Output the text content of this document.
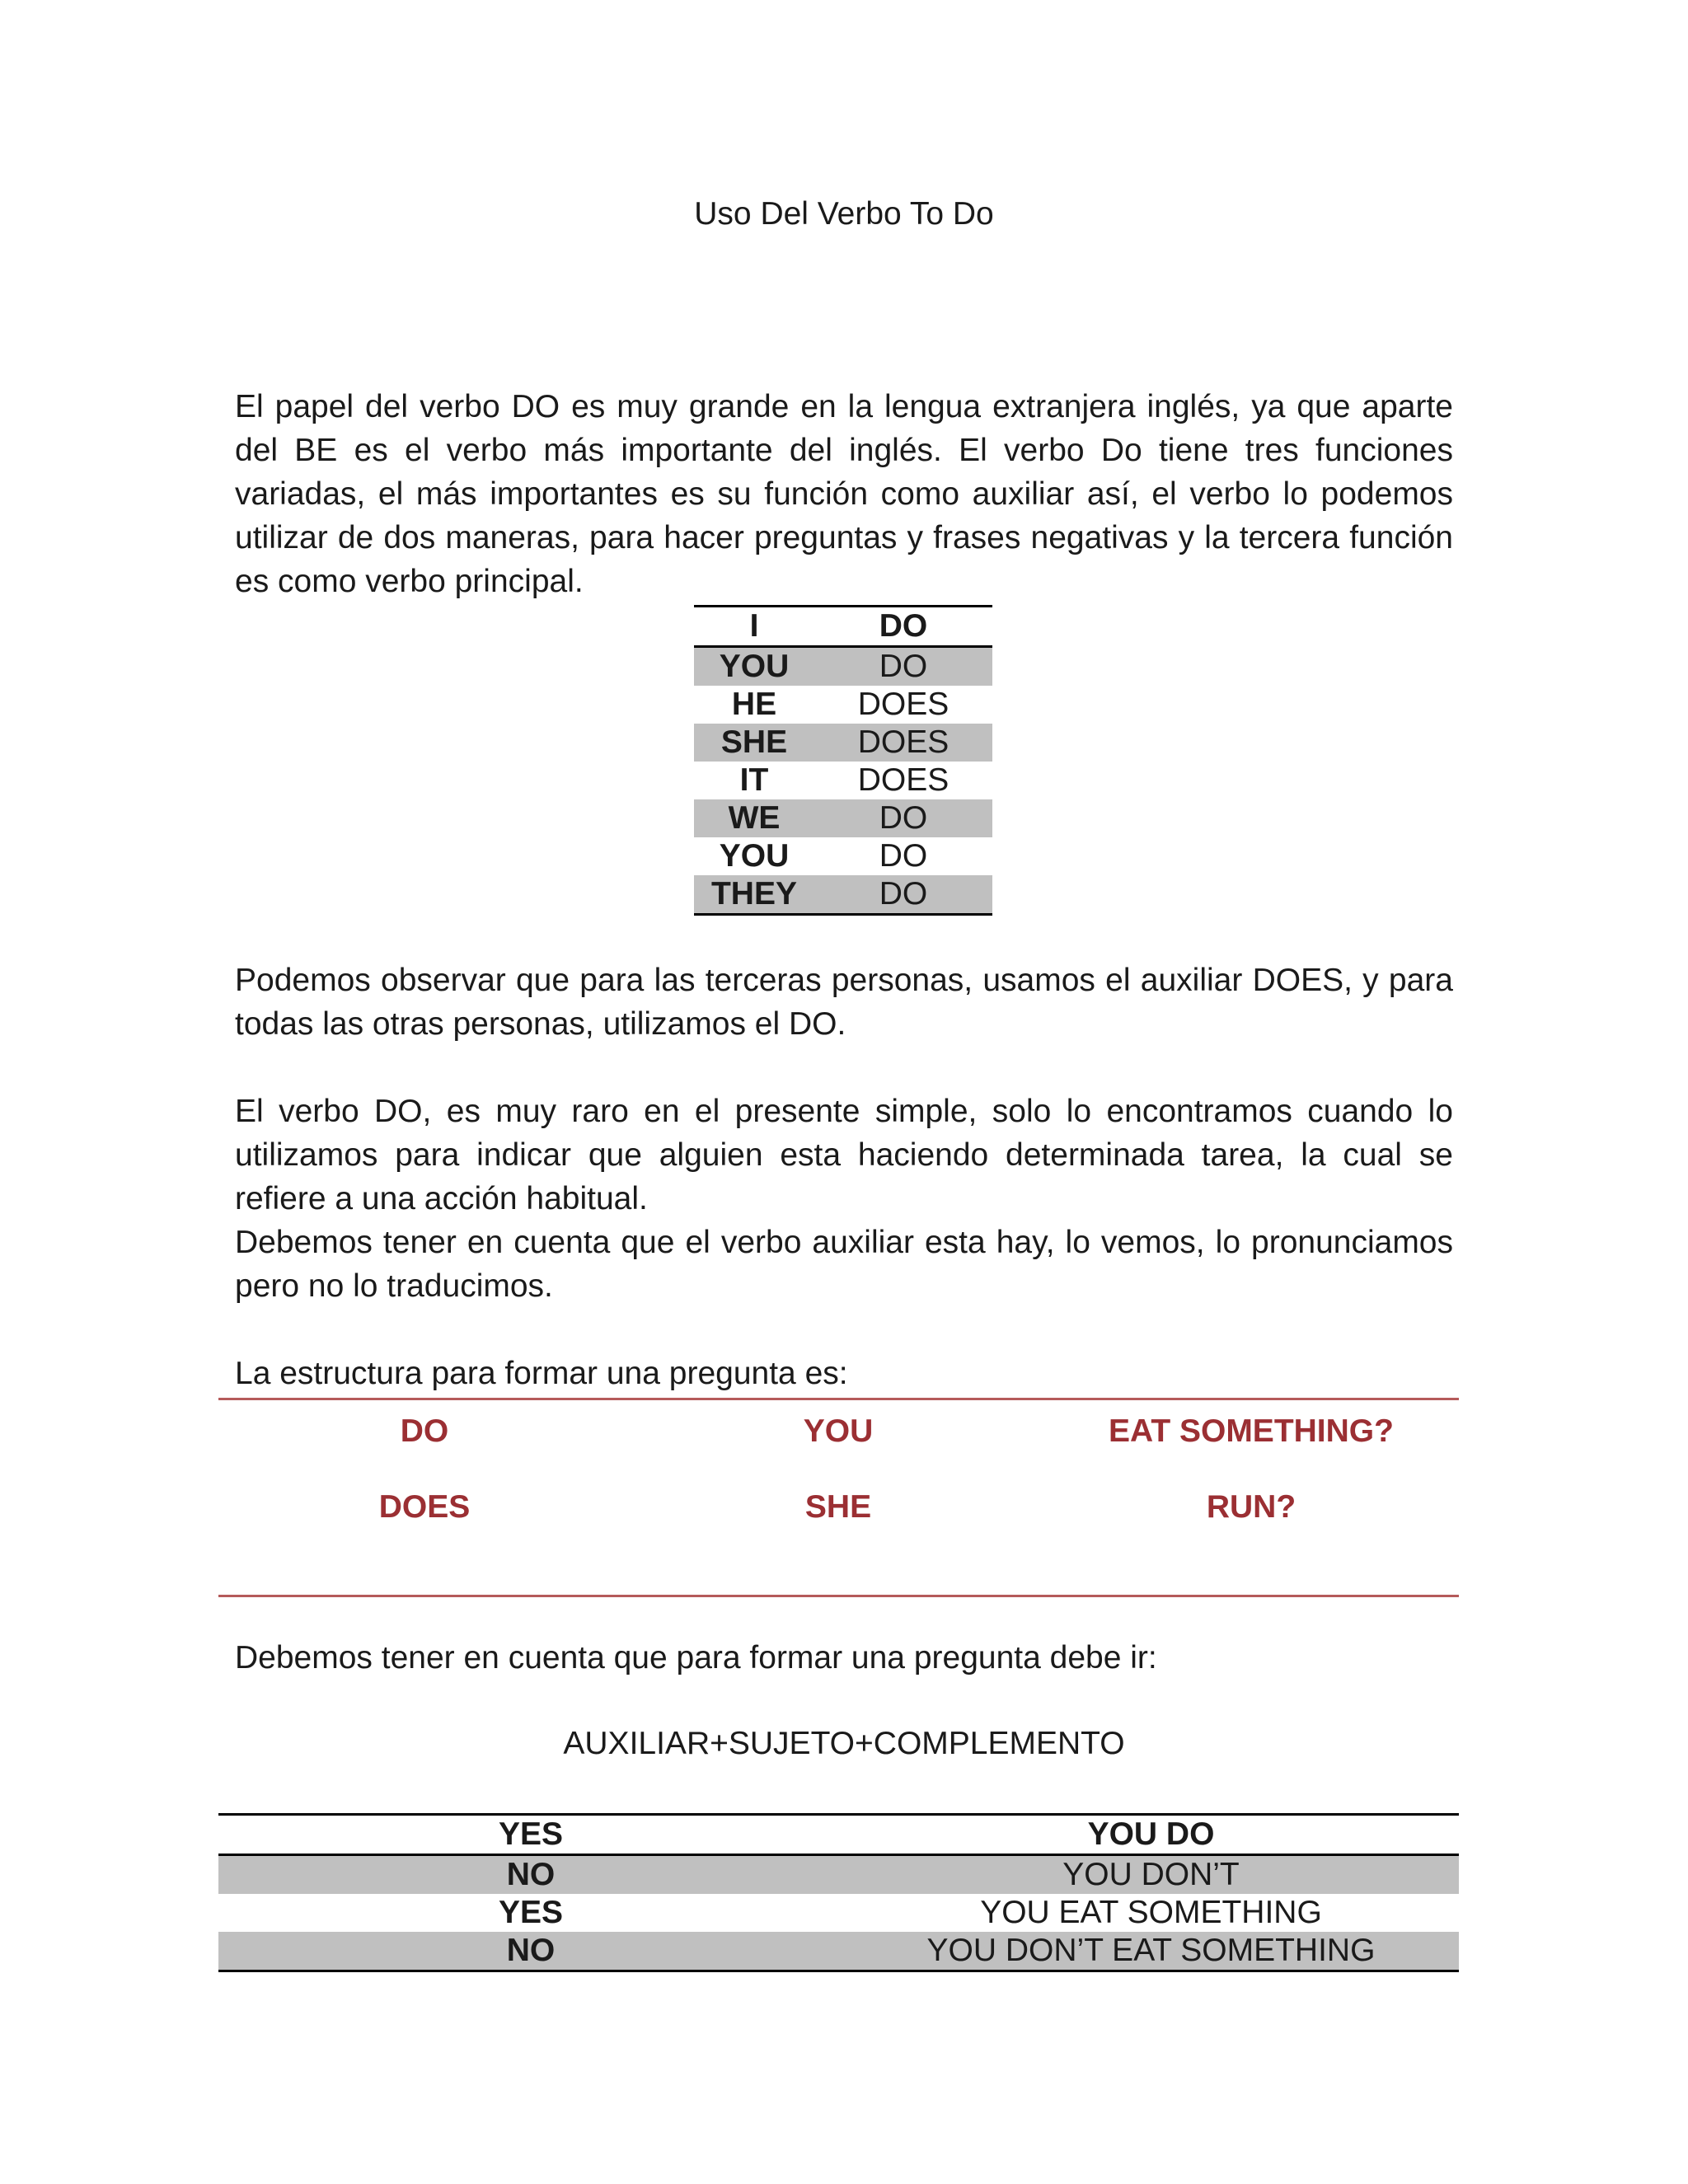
Uso Del Verbo To Do

El papel del verbo DO es muy grande en la lengua extranjera inglés, ya que aparte del BE es el verbo más importante del inglés. El verbo Do tiene tres funciones variadas, el más importantes es su función como auxiliar así, el verbo lo podemos utilizar de dos maneras, para hacer preguntas y frases negativas y la tercera función es como verbo principal.

I	DO
YOU	DO
HE	DOES
SHE	DOES
IT	DOES
WE	DO
YOU	DO
THEY	DO

Podemos observar que para las terceras personas, usamos el auxiliar DOES, y para todas las otras personas, utilizamos el DO.

El verbo DO, es muy raro en el presente simple, solo lo encontramos cuando lo utilizamos para indicar que alguien esta haciendo determinada tarea, la cual se refiere a una acción habitual.

Debemos tener en cuenta que el verbo auxiliar esta hay, lo vemos, lo pronunciamos pero no lo traducimos.

La estructura para formar una pregunta es:

DO	YOU	EAT SOMETHING?
DOES	SHE	RUN?

Debemos tener en cuenta que para formar una pregunta debe ir:

AUXILIAR+SUJETO+COMPLEMENTO
YES	YOU DO
NO	YOU DON’T
YES	YOU EAT SOMETHING
NO	YOU DON’T EAT SOMETHING
